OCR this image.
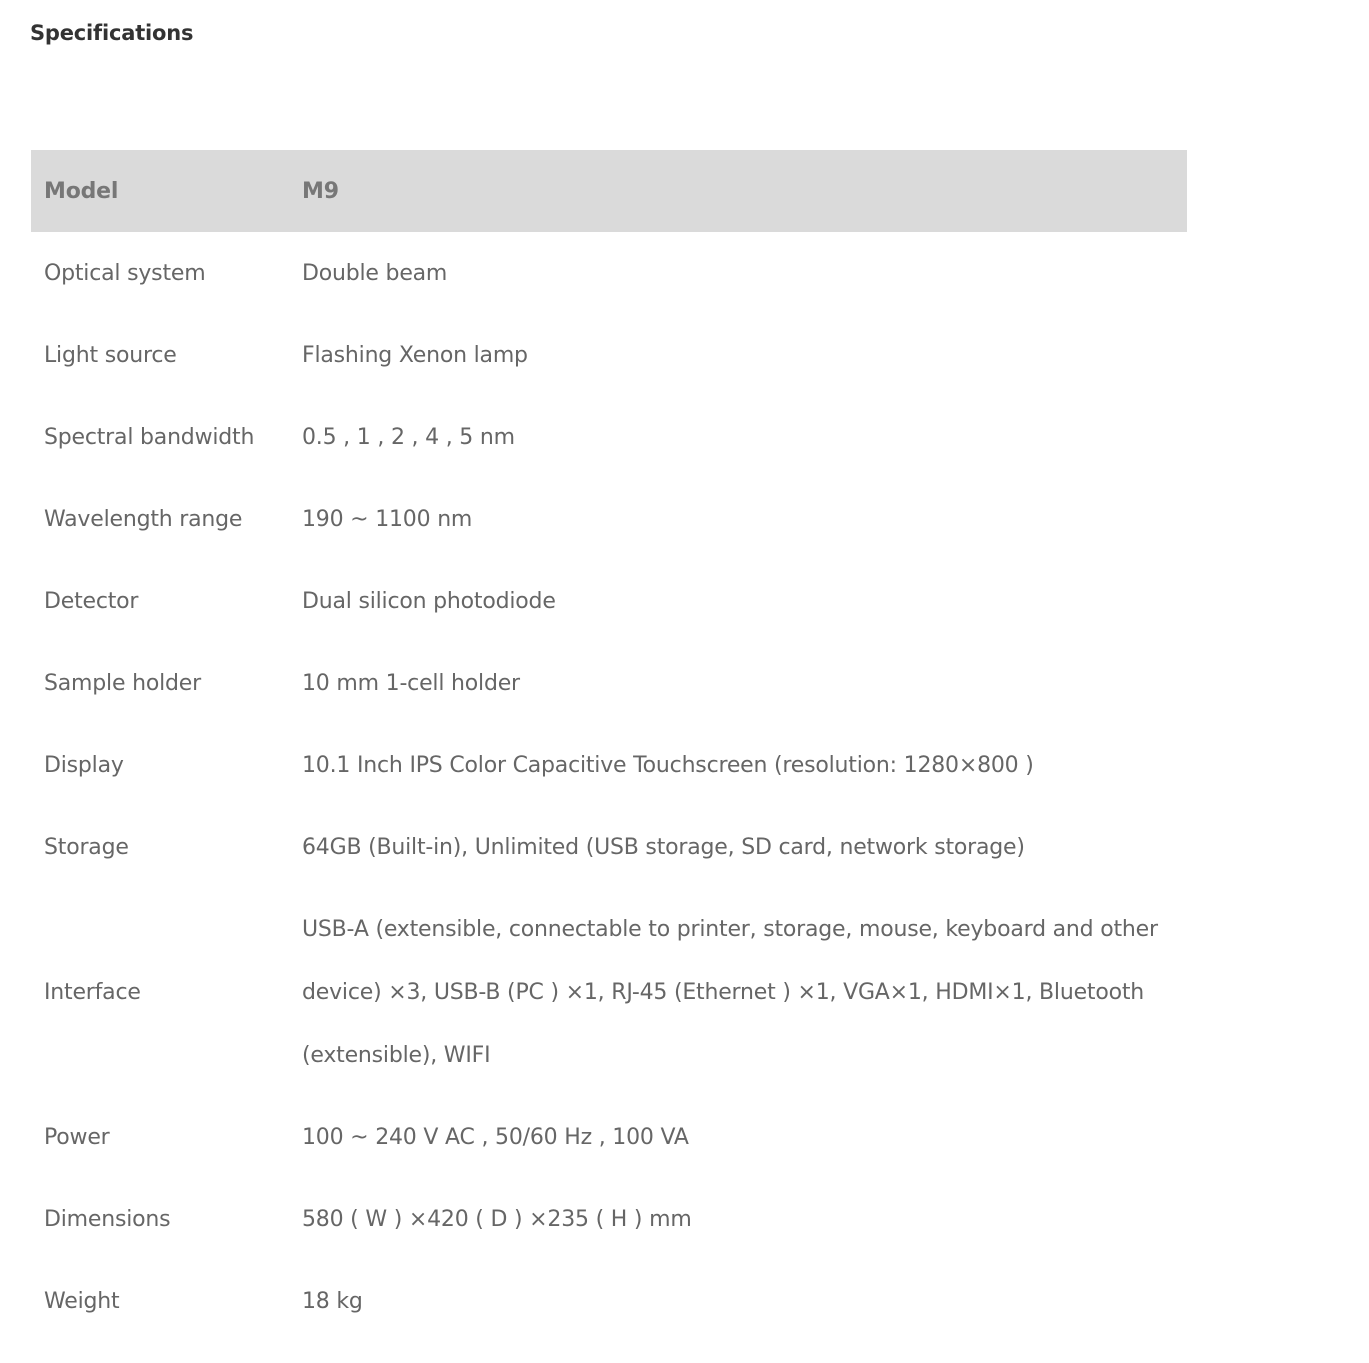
Specifications
Model	M9
Optical system	Double beam
Light source	Flashing Xenon lamp
Spectral bandwidth	0.5 , 1 , 2 , 4 , 5 nm
Wavelength range	190 ~ 1100 nm
Detector	Dual silicon photodiode
Sample holder	10 mm 1-cell holder
Display	10.1 Inch IPS Color Capacitive Touchscreen (resolution: 1280×800 )
Storage	64GB (Built-in), Unlimited (USB storage, SD card, network storage)
Interface	USB-A (extensible, connectable to printer, storage, mouse, keyboard and other device) ×3, USB-B (PC ) ×1, RJ-45 (Ethernet ) ×1, VGA×1, HDMI×1, Bluetooth (extensible), WIFI
Power	100 ~ 240 V AC , 50/60 Hz , 100 VA
Dimensions	580 ( W ) ×420 ( D ) ×235 ( H ) mm
Weight	18 kg
